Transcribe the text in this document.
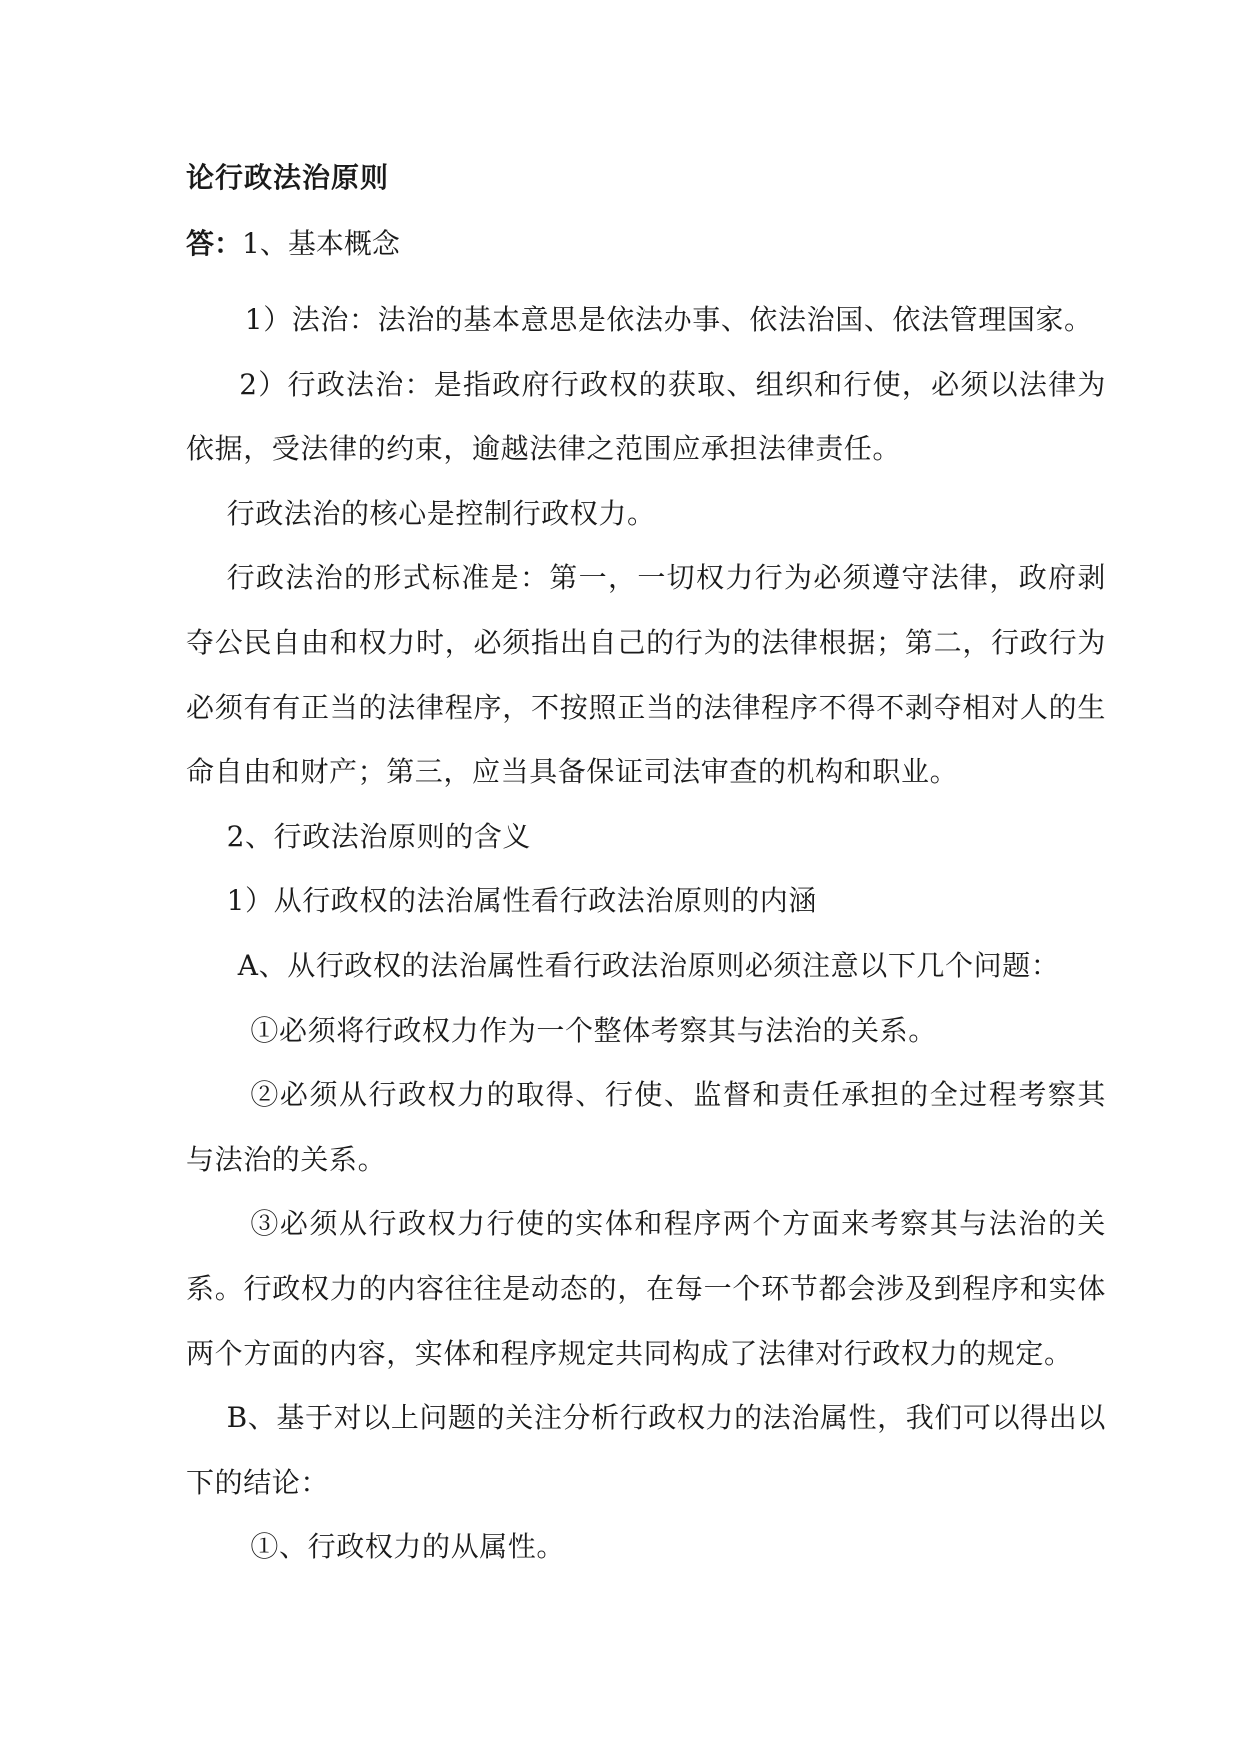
论行政法治原则
答：1、基本概念

1）法治：法治的基本意思是依法办事、依法治国、依法管理国家。

2）行政法治：是指政府行政权的获取、组织和行使，必须以法律为依据，受法律的约束，逾越法律之范围应承担法律责任。

行政法治的核心是控制行政权力。

行政法治的形式标准是：第一，一切权力行为必须遵守法律，政府剥夺公民自由和权力时，必须指出自己的行为的法律根据；第二，行政行为必须有有正当的法律程序，不按照正当的法律程序不得不剥夺相对人的生命自由和财产；第三，应当具备保证司法审查的机构和职业。

2、行政法治原则的含义

1）从行政权的法治属性看行政法治原则的内涵

A、从行政权的法治属性看行政法治原则必须注意以下几个问题：

①必须将行政权力作为一个整体考察其与法治的关系。

②必须从行政权力的取得、行使、监督和责任承担的全过程考察其与法治的关系。

③必须从行政权力行使的实体和程序两个方面来考察其与法治的关系。行政权力的内容往往是动态的，在每一个环节都会涉及到程序和实体两个方面的内容，实体和程序规定共同构成了法律对行政权力的规定。

B、基于对以上问题的关注分析行政权力的法治属性，我们可以得出以下的结论：

①、行政权力的从属性。
